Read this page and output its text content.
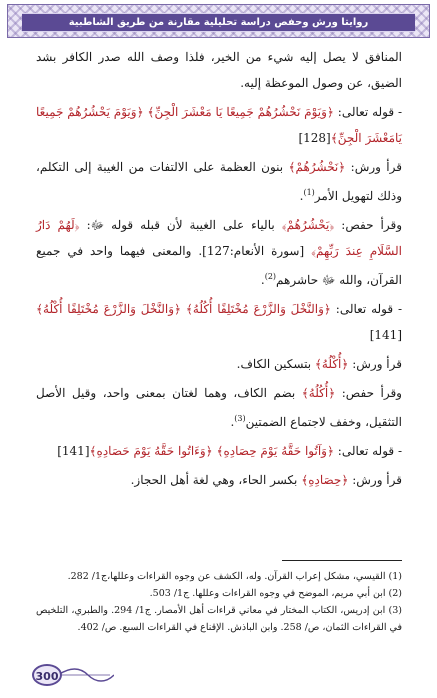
روايتا ورش وحفص دراسة تحليلية مقارنة من طريق الشاطبية

المنافق لا يصل إليه شيء من الخير، فلذا وصف الله صدر الكافر بشد الضيق، عن وصول الموعظة إليه.

- قوله تعالى: ﴿وَيَوْمَ نَحْشُرُهُمْ جَمِيعًا يَا مَعْشَرَ الْجِنِّ﴾ ﴿وَيَوْمَ يَحْشُرُهُمْ جَمِيعًا يَامَعْشَرَ الْجِنِّ﴾[128]

قرأ ورش: ﴿نَحْشُرُهُمْ﴾ بنون العظمة على الالتفات من الغيبة إلى التكلم، وذلك لتهويل الأمر$^{(1)}$.

وقرأ حفص: ﴿يَحْشُرُهُمْ﴾ بالياء على الغيبة لأن قبله قوله ﷻ: ﴿لَهُمْ دَارُ السَّلَامِ عِندَ رَبِّهِمْ﴾ [سورة الأنعام:127]. والمعنى فيهما واحد في جميع القرآن، والله ﷻ حاشرهم$^{(2)}$.

- قوله تعالى: ﴿وَالنَّخْلَ وَالزَّرْعَ مُخْتَلِفًا أُكُلُهُ﴾ ﴿وَالنَّخْلَ وَالزَّرْعَ مُخْتَلِفًا أُكْلُهُ﴾[141]

قرأ ورش: ﴿أُكْلُهُ﴾ بتسكين الكاف.

وقرأ حفص: ﴿أُكُلُهُ﴾ بضم الكاف، وهما لغتان بمعنى واحد، وقيل الأصل التثقيل، وخفف لاجتماع الضمتين$^{(3)}$.

- قوله تعالى: ﴿وَآتُوا حَقَّهُ يَوْمَ حِصَادِهِ﴾ ﴿وَءَاتُوا حَقَّهُ يَوْمَ حَصَادِهِ﴾[141]

قرأ ورش: ﴿حِصَادِهِ﴾ بكسر الحاء، وهي لغة أهل الحجاز.

(1) القيسي، مشكل إعراب القرآن. وله، الكشف عن وجوه القراءات وعللها،ج1/ 282.

(2) ابن أبي مريم، الموضح في وجوه القراءات وعللها. ج1/ 503.

(3) ابن إدريس، الكتاب المختار في معاني قراءات أهل الأمصار. ج1/ 294. والطبري، التلخيص في القراءات الثمان، ص/ 258. وابن الباذش. الإقناع في القراءات السبع. ص/ 402.

300
